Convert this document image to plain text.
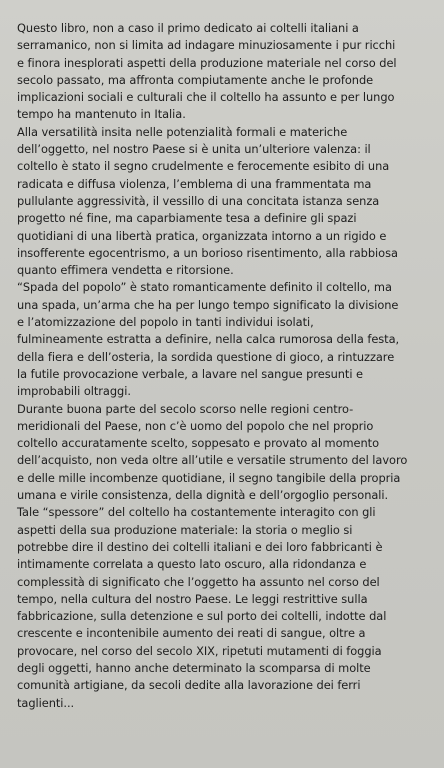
Questo libro, non a caso il primo dedicato ai coltelli italiani a
serramanico, non si limita ad indagare minuziosamente i pur ricchi
e finora inesplorati aspetti della produzione materiale nel corso del
secolo passato, ma affronta compiutamente anche le profonde
implicazioni sociali e culturali che il coltello ha assunto e per lungo
tempo ha mantenuto in Italia.
Alla versatilità insita nelle potenzialità formali e materiche
dell’oggetto, nel nostro Paese si è unita un’ulteriore valenza: il
coltello è stato il segno crudelmente e ferocemente esibito di una
radicata e diffusa violenza, l’emblema di una frammentata ma
pullulante aggressività, il vessillo di una concitata istanza senza
progetto né fine, ma caparbiamente tesa a definire gli spazi
quotidiani di una libertà pratica, organizzata intorno a un rigido e
insofferente egocentrismo, a un borioso risentimento, alla rabbiosa
quanto effimera vendetta e ritorsione.
“Spada del popolo” è stato romanticamente definito il coltello, ma
una spada, un’arma che ha per lungo tempo significato la divisione
e l’atomizzazione del popolo in tanti individui isolati,
fulmineamente estratta a definire, nella calca rumorosa della festa,
della fiera e dell’osteria, la sordida questione di gioco, a rintuzzare
la futile provocazione verbale, a lavare nel sangue presunti e
improbabili oltraggi.
Durante buona parte del secolo scorso nelle regioni centro-
meridionali del Paese, non c’è uomo del popolo che nel proprio
coltello accuratamente scelto, soppesato e provato al momento
dell’acquisto, non veda oltre all’utile e versatile strumento del lavoro
e delle mille incombenze quotidiane, il segno tangibile della propria
umana e virile consistenza, della dignità e dell’orgoglio personali.
Tale “spessore” del coltello ha costantemente interagito con gli
aspetti della sua produzione materiale: la storia o meglio si
potrebbe dire il destino dei coltelli italiani e dei loro fabbricanti è
intimamente correlata a questo lato oscuro, alla ridondanza e
complessità di significato che l’oggetto ha assunto nel corso del
tempo, nella cultura del nostro Paese. Le leggi restrittive sulla
fabbricazione, sulla detenzione e sul porto dei coltelli, indotte dal
crescente e incontenibile aumento dei reati di sangue, oltre a
provocare, nel corso del secolo XIX, ripetuti mutamenti di foggia
degli oggetti, hanno anche determinato la scomparsa di molte
comunità artigiane, da secoli dedite alla lavorazione dei ferri
taglienti...
